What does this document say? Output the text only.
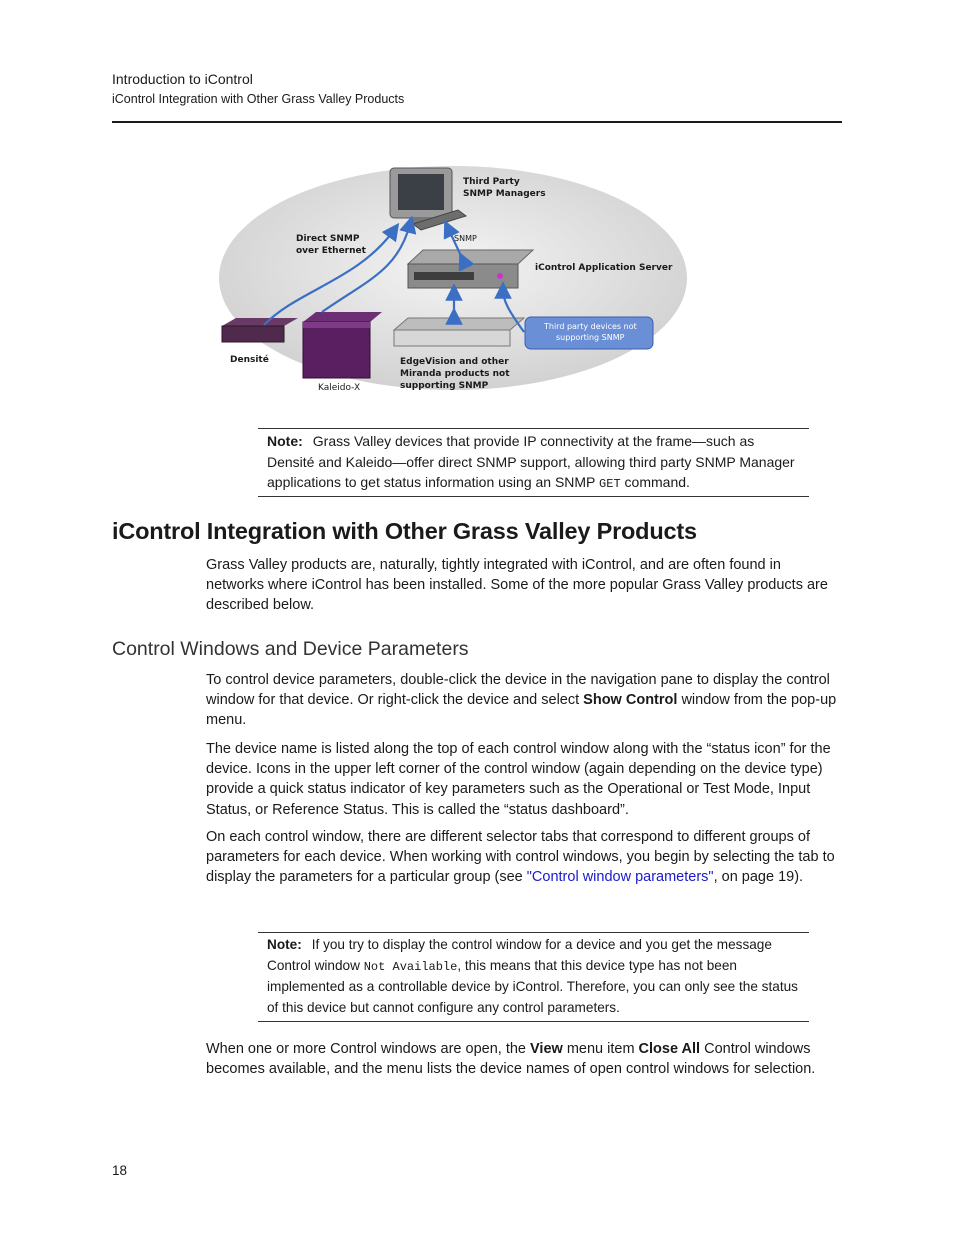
Introduction to iControl
iControl Integration with Other Grass Valley Products
Third Party
SNMP Managers
Direct SNMP
over Ethernet
SNMP
iControl Application Server
Third party devices not
supporting SNMP
Densité
Kaleido-X
EdgeVision and other
Miranda products not
supporting SNMP
Note: Grass Valley devices that provide IP connectivity at the frame—such as Densité and Kaleido—offer direct SNMP support, allowing third party SNMP Manager applications to get status information using an SNMP GET command.
iControl Integration with Other Grass Valley Products
Grass Valley products are, naturally, tightly integrated with iControl, and are often found in networks where iControl has been installed. Some of the more popular Grass Valley products are described below.
Control Windows and Device Parameters
To control device parameters, double-click the device in the navigation pane to display the control window for that device. Or right-click the device and select Show Control window from the pop-up menu.
The device name is listed along the top of each control window along with the “status icon” for the device. Icons in the upper left corner of the control window (again depending on the device type) provide a quick status indicator of key parameters such as the Operational or Test Mode, Input Status, or Reference Status. This is called the “status dashboard”.
On each control window, there are different selector tabs that correspond to different groups of parameters for each device. When working with control windows, you begin by selecting the tab to display the parameters for a particular group (see "Control window parameters", on page 19).
Note: If you try to display the control window for a device and you get the message Control window Not Available, this means that this device type has not been implemented as a controllable device by iControl. Therefore, you can only see the status of this device but cannot configure any control parameters.
When one or more Control windows are open, the View menu item Close All Control windows becomes available, and the menu lists the device names of open control windows for selection.
18
